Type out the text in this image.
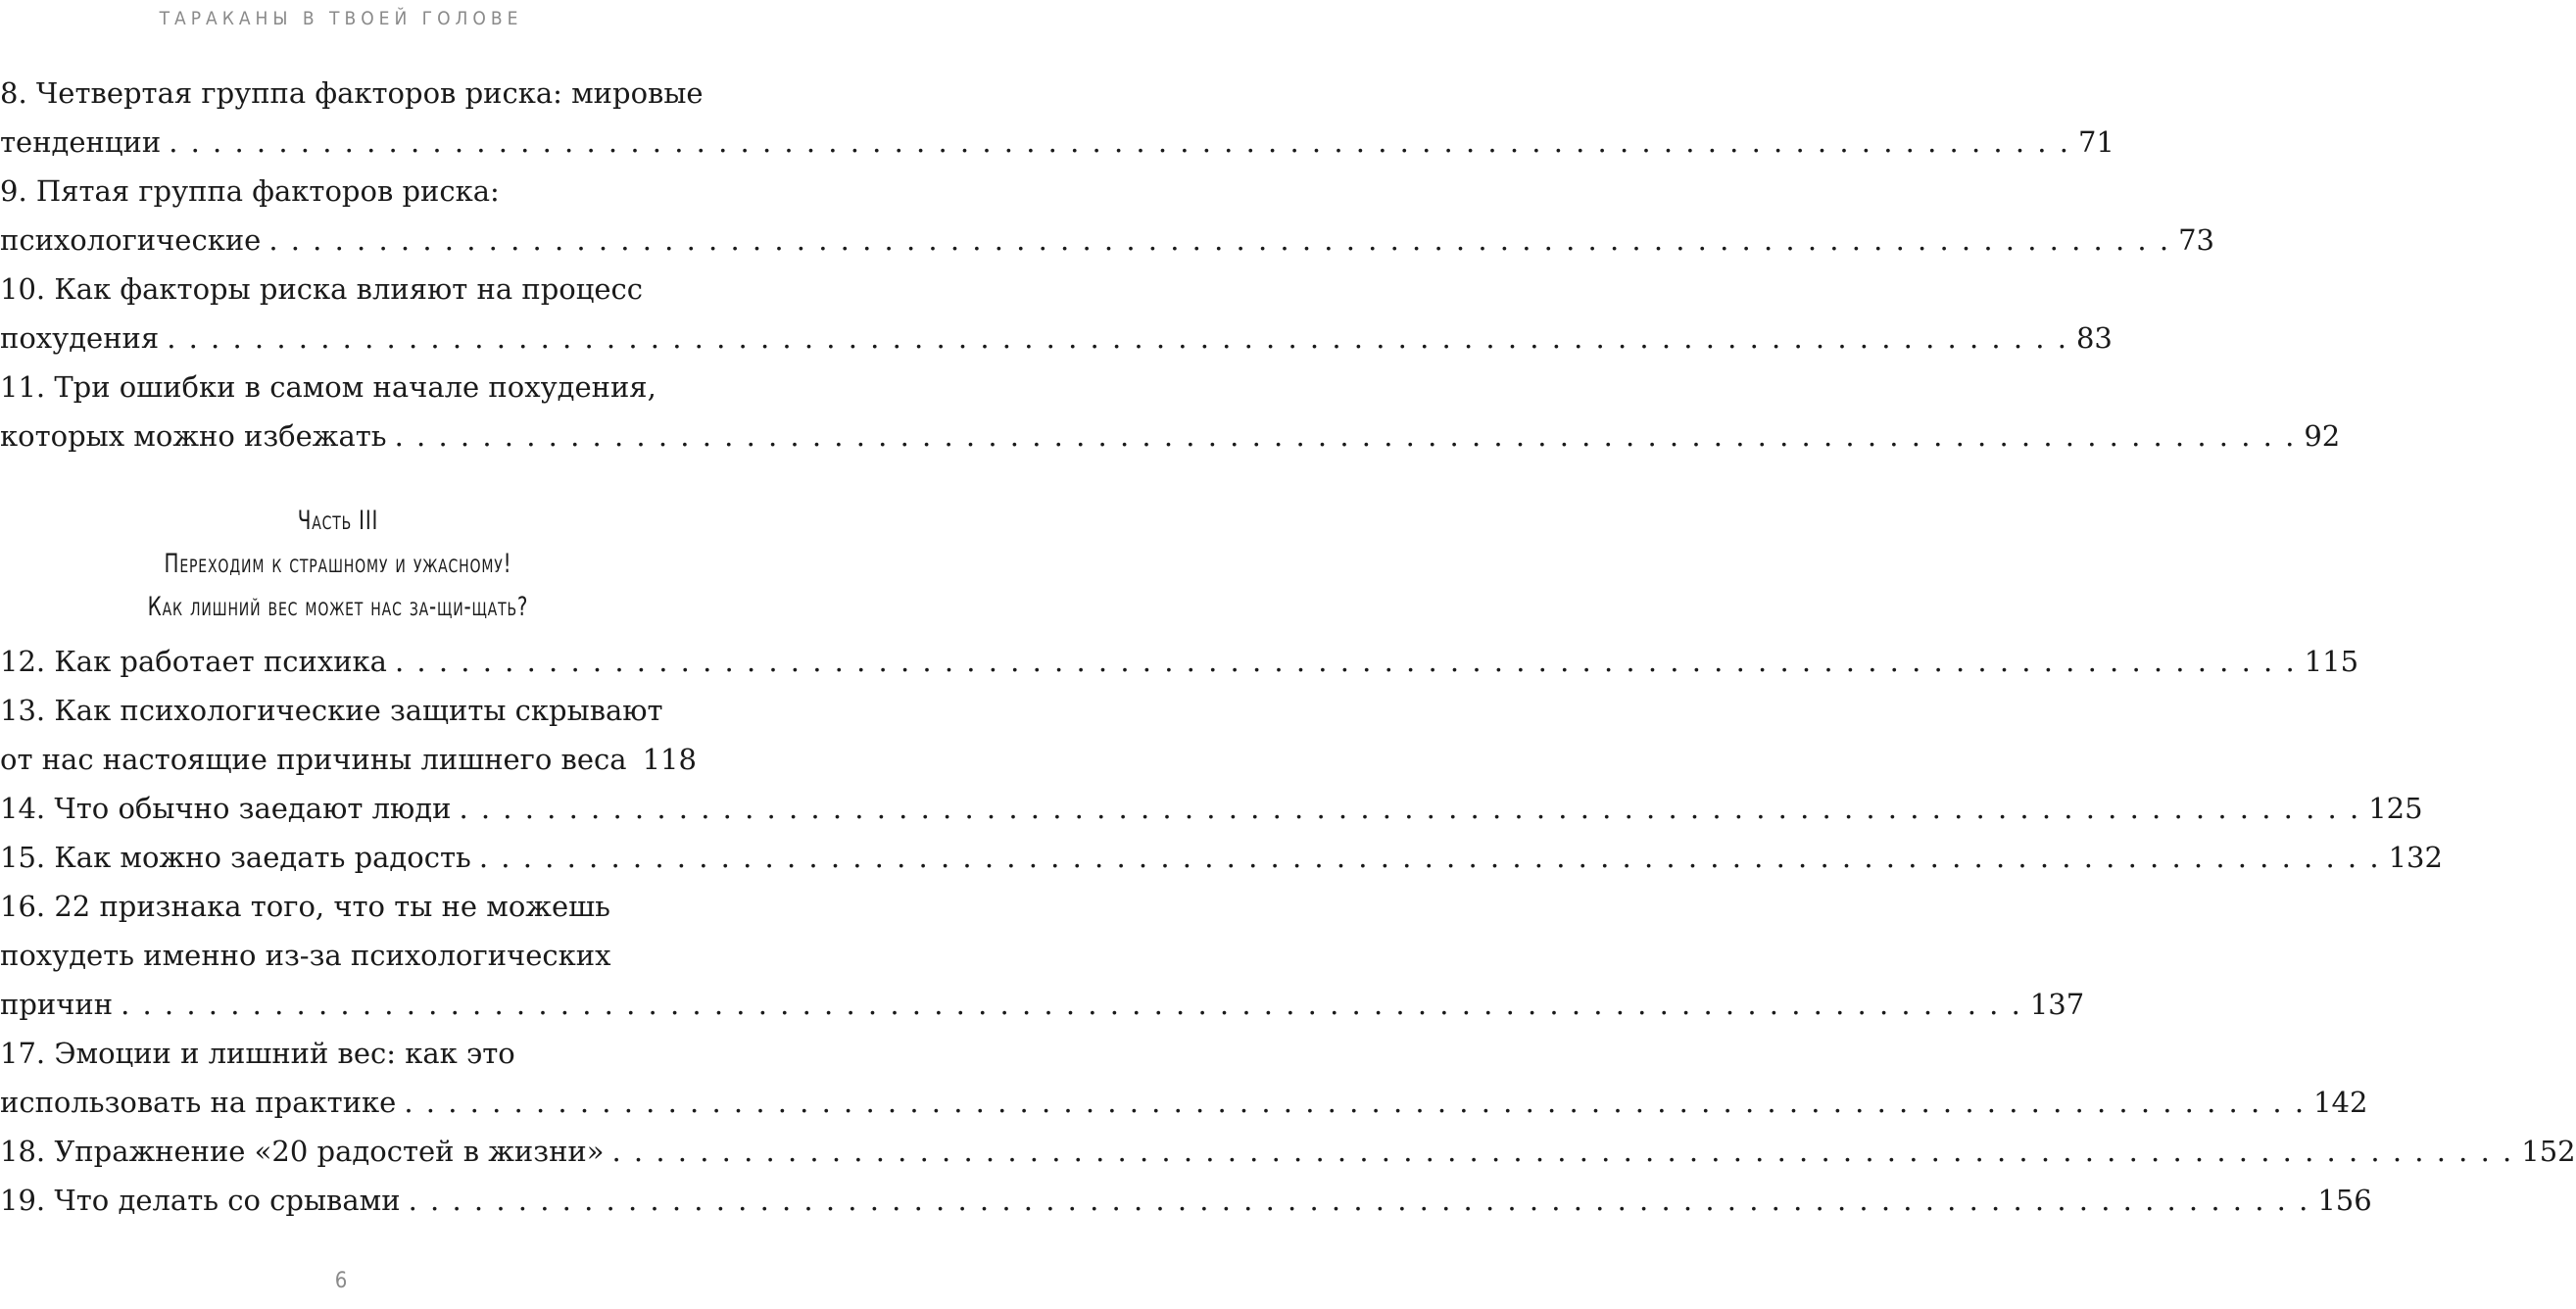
ТАРАКАНЫ В ТВОЕЙ ГОЛОВЕ
8. Четвертая группа факторов риска: мировые
тенденции . . .	71
9. Пятая группа факторов риска:
психологические . . .	73
10. Как факторы риска влияют на процесс
похудения . . .	83
11. Три ошибки в самом начале похудения,
которых можно избежать . . .	92
Часть III
Переходим к страшному и ужасному!
Как лишний вес может нас за-щи-щать?
12. Как работает психика . . .	115
13. Как психологические защиты скрывают
от нас настоящие причины лишнего веса 118
14. Что обычно заедают люди . . .	125
15. Как можно заедать радость . . .	132
16. 22 признака того, что ты не можешь
похудеть именно из-за психологических
причин . . .	137
17. Эмоции и лишний вес: как это
использовать на практике . . .	142
18. Упражнение «20 радостей в жизни» . . .	152
19. Что делать со срывами . . .	156
6
